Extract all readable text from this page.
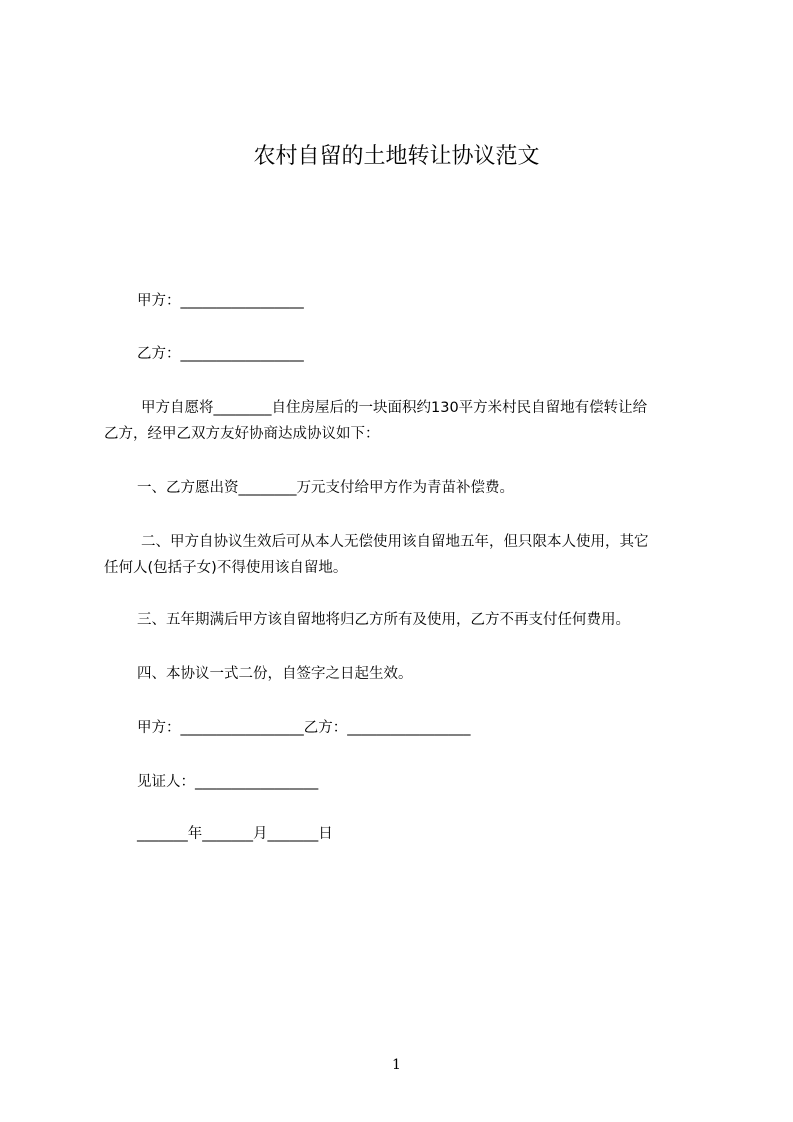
农村自留的土地转让协议范文
甲方：_________________
乙方：_________________
甲方自愿将________自住房屋后的一块面积约130平方米村民自留地有偿转让给
乙方，经甲乙双方友好协商达成协议如下：
一、乙方愿出资________万元支付给甲方作为青苗补偿费。
二、甲方自协议生效后可从本人无偿使用该自留地五年，但只限本人使用，其它
任何人(包括子女)不得使用该自留地。
三、五年期满后甲方该自留地将归乙方所有及使用，乙方不再支付任何费用。
四、本协议一式二份，自签字之日起生效。
甲方：_________________乙方：_________________
见证人：_________________
_______年_______月_______日
1
